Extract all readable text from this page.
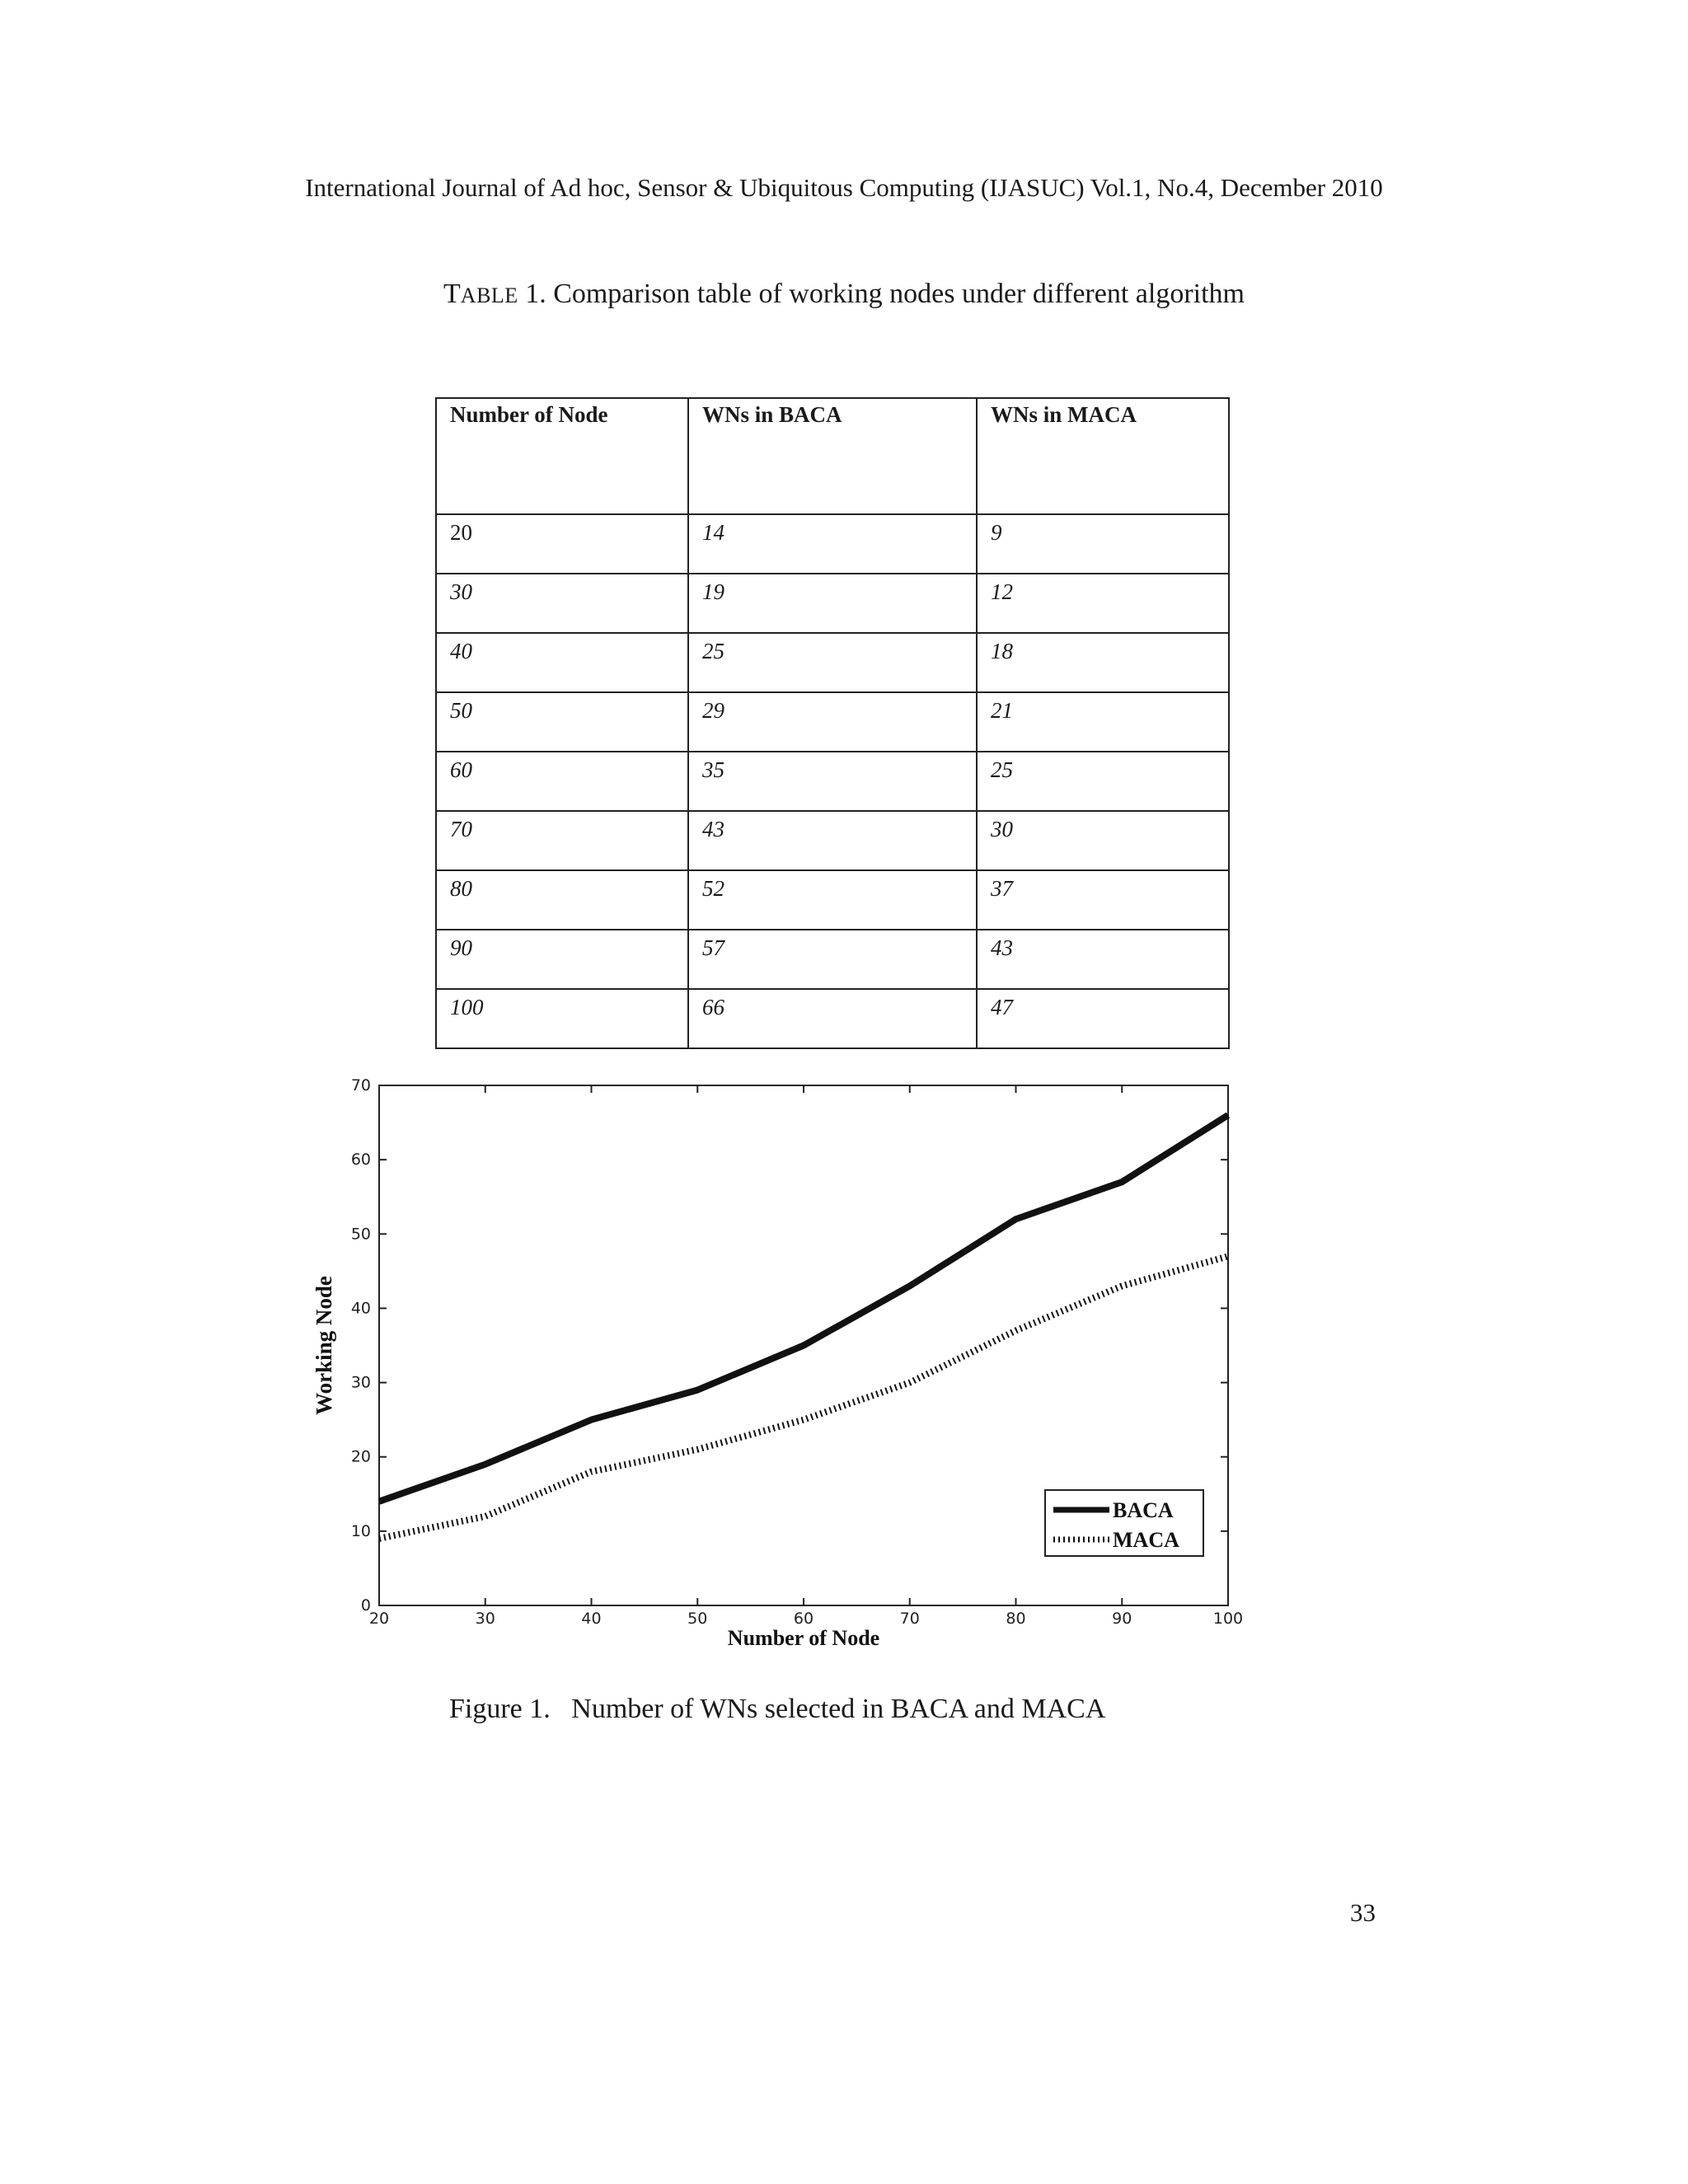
International Journal of Ad hoc, Sensor & Ubiquitous Computing (IJASUC) Vol.1, No.4, December 2010
TABLE 1. Comparison table of working nodes under different algorithm
Number of Node	WNs in BACA	WNs in MACA
20	14	9
30	19	12
40	25	18
50	29	21
60	35	25
70	43	30
80	52	37
90	57	43
100	66	47
20	30	40	50	60	70	80	90	100
0
10
20
30
40
50
60
70
Number of Node
Working Node
BACA
MACA
Figure 1.   Number of WNs selected in BACA and MACA
33
